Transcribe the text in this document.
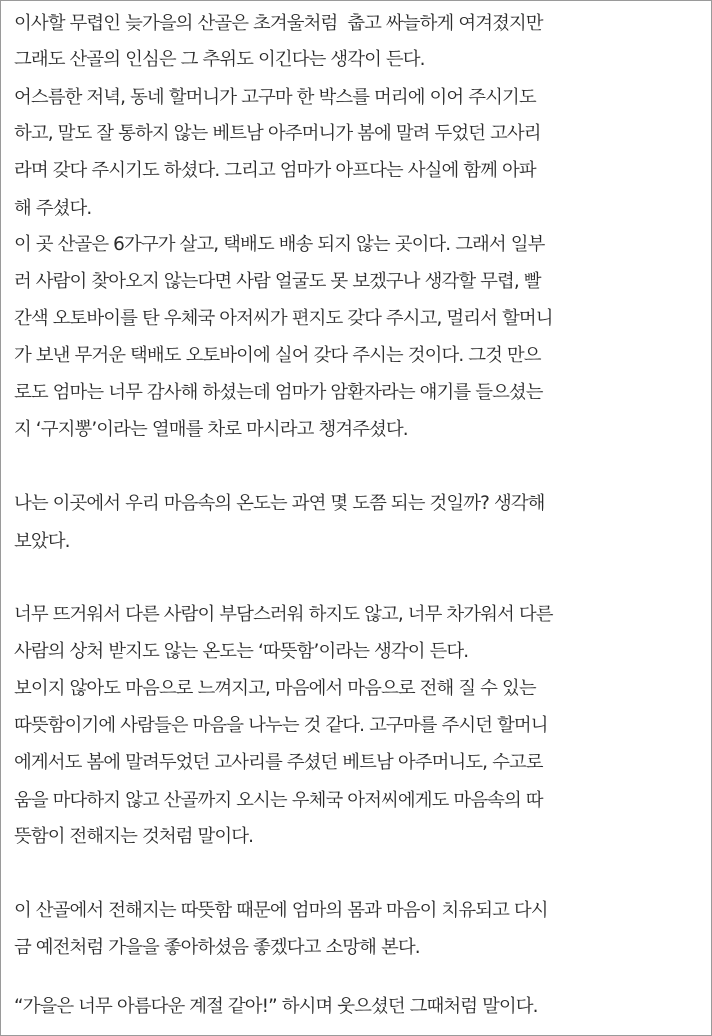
이사할 무렵인 늦가을의 산골은 초겨울처럼  춥고 싸늘하게 여겨졌지만
그래도 산골의 인심은 그 추위도 이긴다는 생각이 든다.
어스름한 저녁, 동네 할머니가 고구마 한 박스를 머리에 이어 주시기도
하고, 말도 잘 통하지 않는 베트남 아주머니가 봄에 말려 두었던 고사리
라며 갖다 주시기도 하셨다. 그리고 엄마가 아프다는 사실에 함께 아파
해 주셨다.
이 곳 산골은 6가구가 살고, 택배도 배송 되지 않는 곳이다. 그래서 일부
러 사람이 찾아오지 않는다면 사람 얼굴도 못 보겠구나 생각할 무렵, 빨
간색 오토바이를 탄 우체국 아저씨가 편지도 갖다 주시고, 멀리서 할머니
가 보낸 무거운 택배도 오토바이에 실어 갖다 주시는 것이다. 그것 만으
로도 엄마는 너무 감사해 하셨는데 엄마가 암환자라는 얘기를 들으셨는
지 ‘구지뽕’이라는 열매를 차로 마시라고 챙겨주셨다.
나는 이곳에서 우리 마음속의 온도는 과연 몇 도쯤 되는 것일까? 생각해
보았다.
너무 뜨거워서 다른 사람이 부담스러워 하지도 않고, 너무 차가워서 다른
사람의 상처 받지도 않는 온도는 ‘따뜻함’이라는 생각이 든다.
보이지 않아도 마음으로 느껴지고, 마음에서 마음으로 전해 질 수 있는
따뜻함이기에 사람들은 마음을 나누는 것 같다. 고구마를 주시던 할머니
에게서도 봄에 말려두었던 고사리를 주셨던 베트남 아주머니도, 수고로
움을 마다하지 않고 산골까지 오시는 우체국 아저씨에게도 마음속의 따
뜻함이 전해지는 것처럼 말이다.
이 산골에서 전해지는 따뜻함 때문에 엄마의 몸과 마음이 치유되고 다시
금 예전처럼 가을을 좋아하셨음 좋겠다고 소망해 본다.
“가을은 너무 아름다운 계절 같아!” 하시며 웃으셨던 그때처럼 말이다.
